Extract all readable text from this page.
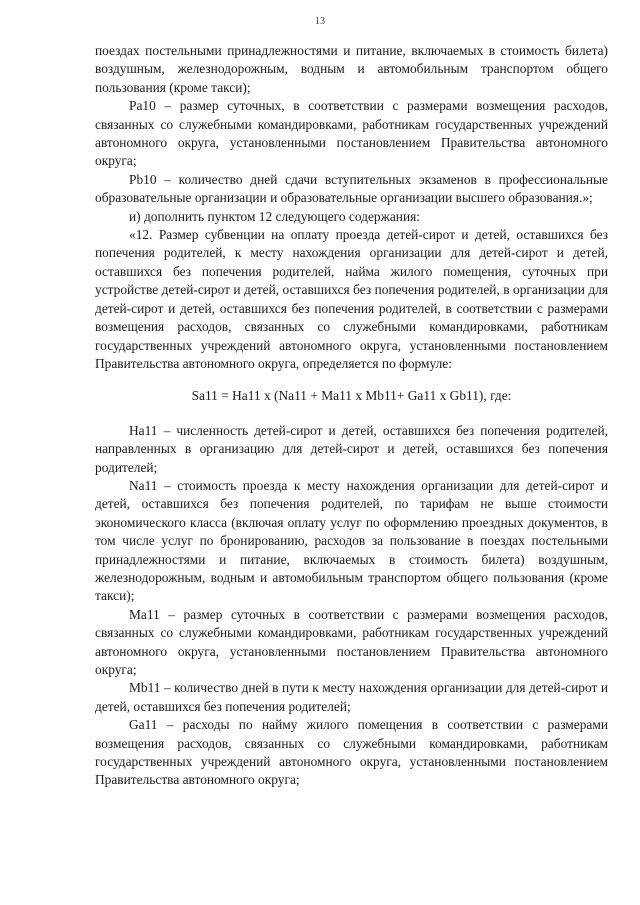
13

поездах постельными принадлежностями и питание, включаемых в стоимость билета) воздушным, железнодорожным, водным и автомобильным транспортом общего пользования (кроме такси);

Pa10 – размер суточных, в соответствии с размерами возмещения расходов, связанных со служебными командировками, работникам государственных учреждений автономного округа, установленными постановлением Правительства автономного округа;

Pb10 – количество дней сдачи вступительных экзаменов в профессиональные образовательные организации и образовательные организации высшего образования.»;

и) дополнить пунктом 12 следующего содержания:

«12. Размер субвенции на оплату проезда детей-сирот и детей, оставшихся без попечения родителей, к месту нахождения организации для детей-сирот и детей, оставшихся без попечения родителей, найма жилого помещения, суточных при устройстве детей-сирот и детей, оставшихся без попечения родителей, в организации для детей-сирот и детей, оставшихся без попечения родителей, в соответствии с размерами возмещения расходов, связанных со служебными командировками, работникам государственных учреждений автономного округа, установленными постановлением Правительства автономного округа, определяется по формуле:

Sa11 = Ha11 x (Na11 + Ma11 x Mb11+ Ga11 x Gb11), где:

Ha11 – численность детей-сирот и детей, оставшихся без попечения родителей, направленных в организацию для детей-сирот и детей, оставшихся без попечения родителей;

Na11 – стоимость проезда к месту нахождения организации для детей-сирот и детей, оставшихся без попечения родителей, по тарифам не выше стоимости экономического класса (включая оплату услуг по оформлению проездных документов, в том числе услуг по бронированию, расходов за пользование в поездах постельными принадлежностями и питание, включаемых в стоимость билета) воздушным, железнодорожным, водным и автомобильным транспортом общего пользования (кроме такси);

Ma11 – размер суточных в соответствии с размерами возмещения расходов, связанных со служебными командировками, работникам государственных учреждений автономного округа, установленными постановлением Правительства автономного округа;

Mb11 – количество дней в пути к месту нахождения организации для детей-сирот и детей, оставшихся без попечения родителей;

Ga11 – расходы по найму жилого помещения в соответствии с размерами возмещения расходов, связанных со служебными командировками, работникам государственных учреждений автономного округа, установленными постановлением Правительства автономного округа;
